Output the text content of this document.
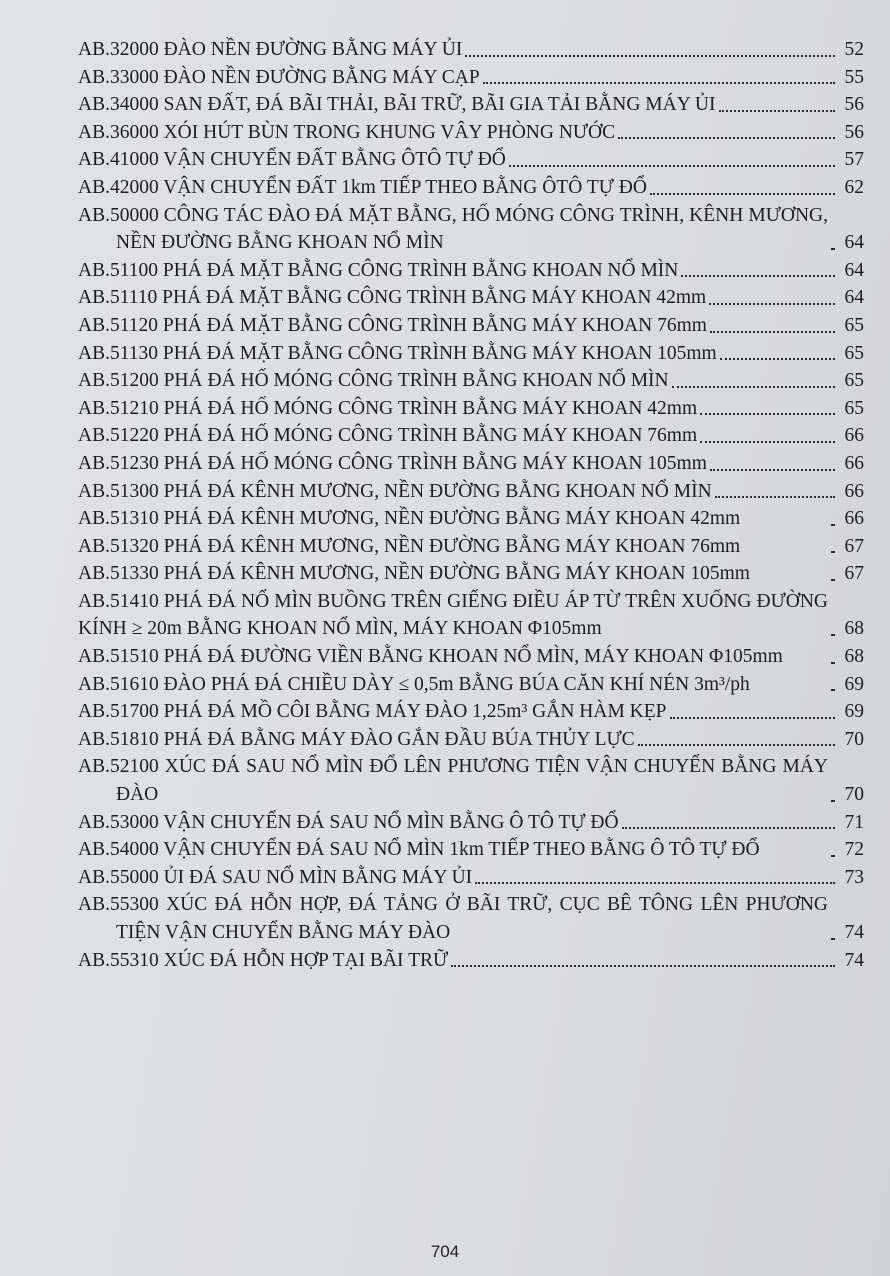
AB.32000 ĐÀO NỀN ĐƯỜNG BẰNG MÁY ỦI	52
AB.33000 ĐÀO NỀN ĐƯỜNG BẰNG MÁY CẠP	55
AB.34000 SAN ĐẤT, ĐÁ BÃI THẢI, BÃI TRỮ, BÃI GIA TẢI BẰNG MÁY ỦI	56
AB.36000 XÓI HÚT BÙN TRONG KHUNG VÂY PHÒNG NƯỚC	56
AB.41000 VẬN CHUYỂN ĐẤT BẰNG ÔTÔ TỰ ĐỔ	57
AB.42000 VẬN CHUYỂN ĐẤT 1km TIẾP THEO BẰNG ÔTÔ TỰ ĐỔ	62
AB.50000 CÔNG TÁC ĐÀO ĐÁ MẶT BẰNG, HỐ MÓNG CÔNG TRÌNH, KÊNH MƯƠNG, NỀN ĐƯỜNG BẰNG KHOAN NỔ MÌN	64
AB.51100 PHÁ ĐÁ MẶT BẰNG CÔNG TRÌNH BẰNG KHOAN NỔ MÌN	64
AB.51110 PHÁ ĐÁ MẶT BẰNG CÔNG TRÌNH BẰNG MÁY KHOAN 42mm	64
AB.51120 PHÁ ĐÁ MẶT BẰNG CÔNG TRÌNH BẰNG MÁY KHOAN 76mm	65
AB.51130 PHÁ ĐÁ MẶT BẰNG CÔNG TRÌNH BẰNG MÁY KHOAN 105mm	65
AB.51200 PHÁ ĐÁ HỐ MÓNG CÔNG TRÌNH BẰNG KHOAN NỔ MÌN	65
AB.51210 PHÁ ĐÁ HỐ MÓNG CÔNG TRÌNH BẰNG MÁY KHOAN 42mm	65
AB.51220 PHÁ ĐÁ HỐ MÓNG CÔNG TRÌNH BẰNG MÁY KHOAN 76mm	66
AB.51230 PHÁ ĐÁ HỐ MÓNG CÔNG TRÌNH BẰNG MÁY KHOAN 105mm	66
AB.51300 PHÁ ĐÁ KÊNH MƯƠNG, NỀN ĐƯỜNG BẰNG KHOAN NỔ MÌN	66
AB.51310 PHÁ ĐÁ KÊNH MƯƠNG, NỀN ĐƯỜNG BẰNG MÁY KHOAN 42mm	66
AB.51320 PHÁ ĐÁ KÊNH MƯƠNG, NỀN ĐƯỜNG BẰNG MÁY KHOAN 76mm	67
AB.51330 PHÁ ĐÁ KÊNH MƯƠNG, NỀN ĐƯỜNG BẰNG MÁY KHOAN 105mm	67
AB.51410 PHÁ ĐÁ NỔ MÌN BUỒNG TRÊN GIẾNG ĐIỀU ÁP TỪ TRÊN XUỐNG ĐƯỜNG KÍNH ≥ 20m BẰNG KHOAN NỔ MÌN, MÁY KHOAN Φ105mm	68
AB.51510 PHÁ ĐÁ ĐƯỜNG VIỀN BẰNG KHOAN NỔ MÌN, MÁY KHOAN Φ105mm	68
AB.51610 ĐÀO PHÁ ĐÁ CHIỀU DÀY ≤ 0,5m BẰNG BÚA CĂN KHÍ NÉN 3m³/ph	69
AB.51700 PHÁ ĐÁ MỒ CÔI BẰNG MÁY ĐÀO 1,25m³ GẮN HÀM KẸP	69
AB.51810 PHÁ ĐÁ BẰNG MÁY ĐÀO GẮN ĐẦU BÚA THỦY LỰC	70
AB.52100 XÚC ĐÁ SAU NỔ MÌN ĐỔ LÊN PHƯƠNG TIỆN VẬN CHUYỂN BẰNG MÁY ĐÀO	70
AB.53000 VẬN CHUYỂN ĐÁ SAU NỔ MÌN BẰNG Ô TÔ TỰ ĐỔ	71
AB.54000 VẬN CHUYỂN ĐÁ SAU NỔ MÌN 1km TIẾP THEO BẰNG Ô TÔ TỰ ĐỔ	72
AB.55000 ỦI ĐÁ SAU NỔ MÌN BẰNG MÁY ỦI	73
AB.55300 XÚC ĐÁ HỖN HỢP, ĐÁ TẢNG Ở BÃI TRỮ, CỤC BÊ TÔNG LÊN PHƯƠNG TIỆN VẬN CHUYỂN BẰNG MÁY ĐÀO	74
AB.55310 XÚC ĐÁ HỖN HỢP TẠI BÃI TRỮ	74
704
